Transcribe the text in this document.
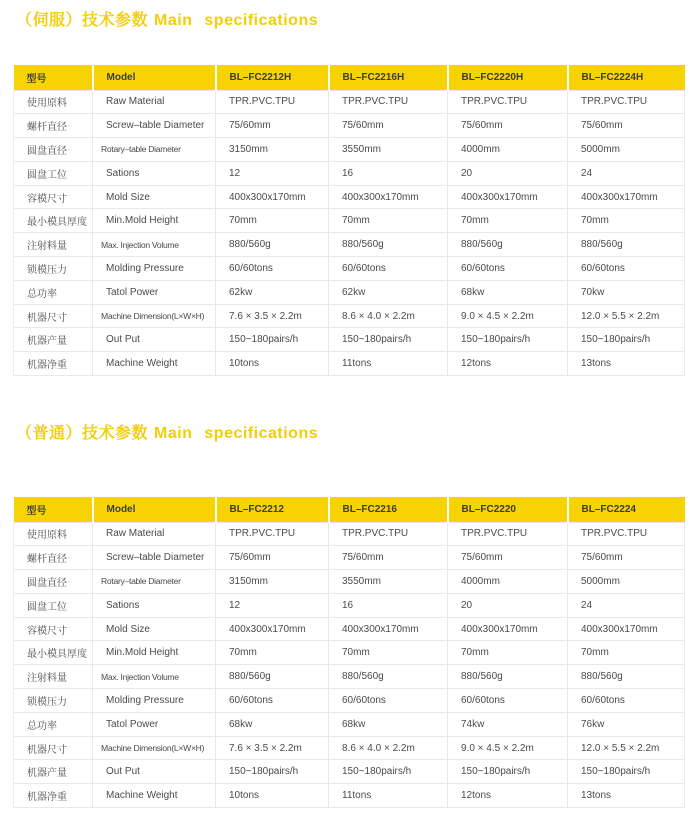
（伺服）技术参数 Main specifications
型号	Model	BL–FC2212H	BL–FC2216H	BL–FC2220H	BL–FC2224H
使用原料	Raw Material	TPR.PVC.TPU	TPR.PVC.TPU	TPR.PVC.TPU	TPR.PVC.TPU
螺杆直径	Screw–table Diameter	75/60mm	75/60mm	75/60mm	75/60mm
圆盘直径	Rotary–table Diameter	3150mm	3550mm	4000mm	5000mm
圆盘工位	Sations	12	16	20	24
容模尺寸	Mold Size	400x300x170mm	400x300x170mm	400x300x170mm	400x300x170mm
最小模具厚度	Min.Mold Height	70mm	70mm	70mm	70mm
注射料量	Max. Injection Volume	880/560g	880/560g	880/560g	880/560g
锁模压力	Molding Pressure	60/60tons	60/60tons	60/60tons	60/60tons
总功率	Tatol Power	62kw	62kw	68kw	70kw
机器尺寸	Machine Dimension(L×W×H)	7.6 × 3.5 × 2.2m	8.6 × 4.0 × 2.2m	9.0 × 4.5 × 2.2m	12.0 × 5.5 × 2.2m
机器产量	Out Put	150~180pairs/h	150~180pairs/h	150~180pairs/h	150~180pairs/h
机器净重	Machine Weight	10tons	11tons	12tons	13tons
（普通）技术参数 Main specifications
型号	Model	BL–FC2212	BL–FC2216	BL–FC2220	BL–FC2224
使用原料	Raw Material	TPR.PVC.TPU	TPR.PVC.TPU	TPR.PVC.TPU	TPR.PVC.TPU
螺杆直径	Screw–table Diameter	75/60mm	75/60mm	75/60mm	75/60mm
圆盘直径	Rotary–table Diameter	3150mm	3550mm	4000mm	5000mm
圆盘工位	Sations	12	16	20	24
容模尺寸	Mold Size	400x300x170mm	400x300x170mm	400x300x170mm	400x300x170mm
最小模具厚度	Min.Mold Height	70mm	70mm	70mm	70mm
注射料量	Max. Injection Volume	880/560g	880/560g	880/560g	880/560g
锁模压力	Molding Pressure	60/60tons	60/60tons	60/60tons	60/60tons
总功率	Tatol Power	68kw	68kw	74kw	76kw
机器尺寸	Machine Dimension(L×W×H)	7.6 × 3.5 × 2.2m	8.6 × 4.0 × 2.2m	9.0 × 4.5 × 2.2m	12.0 × 5.5 × 2.2m
机器产量	Out Put	150~180pairs/h	150~180pairs/h	150~180pairs/h	150~180pairs/h
机器净重	Machine Weight	10tons	11tons	12tons	13tons
